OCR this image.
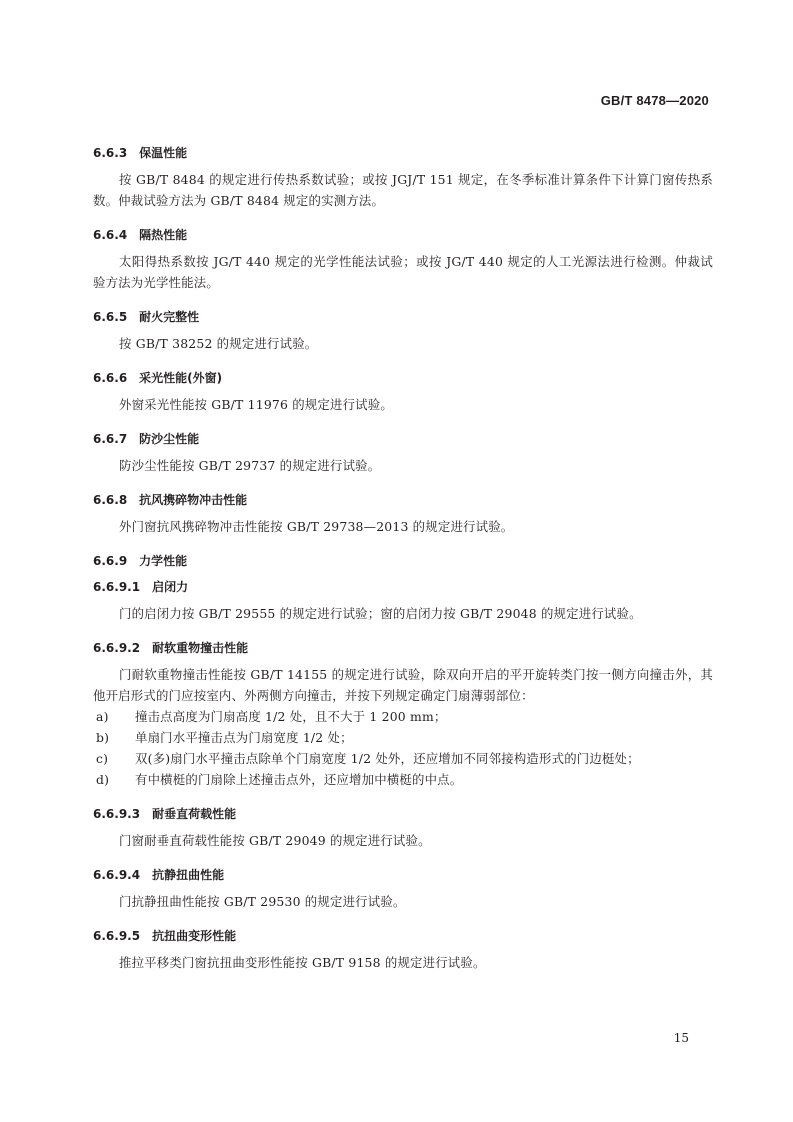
GB/T 8478—2020
6.6.3 保温性能

按 GB/T 8484 的规定进行传热系数试验；或按 JGJ/T 151 规定，在冬季标准计算条件下计算门窗传热系数。仲裁试验方法为 GB/T 8484 规定的实测方法。

6.6.4 隔热性能

太阳得热系数按 JG/T 440 规定的光学性能法试验；或按 JG/T 440 规定的人工光源法进行检测。仲裁试验方法为光学性能法。

6.6.5 耐火完整性

按 GB/T 38252 的规定进行试验。

6.6.6 采光性能(外窗)

外窗采光性能按 GB/T 11976 的规定进行试验。

6.6.7 防沙尘性能

防沙尘性能按 GB/T 29737 的规定进行试验。

6.6.8 抗风携碎物冲击性能

外门窗抗风携碎物冲击性能按 GB/T 29738—2013 的规定进行试验。

6.6.9 力学性能
6.6.9.1 启闭力

门的启闭力按 GB/T 29555 的规定进行试验；窗的启闭力按 GB/T 29048 的规定进行试验。

6.6.9.2 耐软重物撞击性能

门耐软重物撞击性能按 GB/T 14155 的规定进行试验，除双向开启的平开旋转类门按一侧方向撞击外，其他开启形式的门应按室内、外两侧方向撞击，并按下列规定确定门扇薄弱部位：

a) 撞击点高度为门扇高度 1/2 处，且不大于 1 200 mm；
b) 单扇门水平撞击点为门扇宽度 1/2 处；
c) 双(多)扇门水平撞击点除单个门扇宽度 1/2 处外，还应增加不同邻接构造形式的门边梃处；
d) 有中横梃的门扇除上述撞击点外，还应增加中横梃的中点。
6.6.9.3 耐垂直荷载性能

门窗耐垂直荷载性能按 GB/T 29049 的规定进行试验。

6.6.9.4 抗静扭曲性能

门抗静扭曲性能按 GB/T 29530 的规定进行试验。

6.6.9.5 抗扭曲变形性能

推拉平移类门窗抗扭曲变形性能按 GB/T 9158 的规定进行试验。

15
